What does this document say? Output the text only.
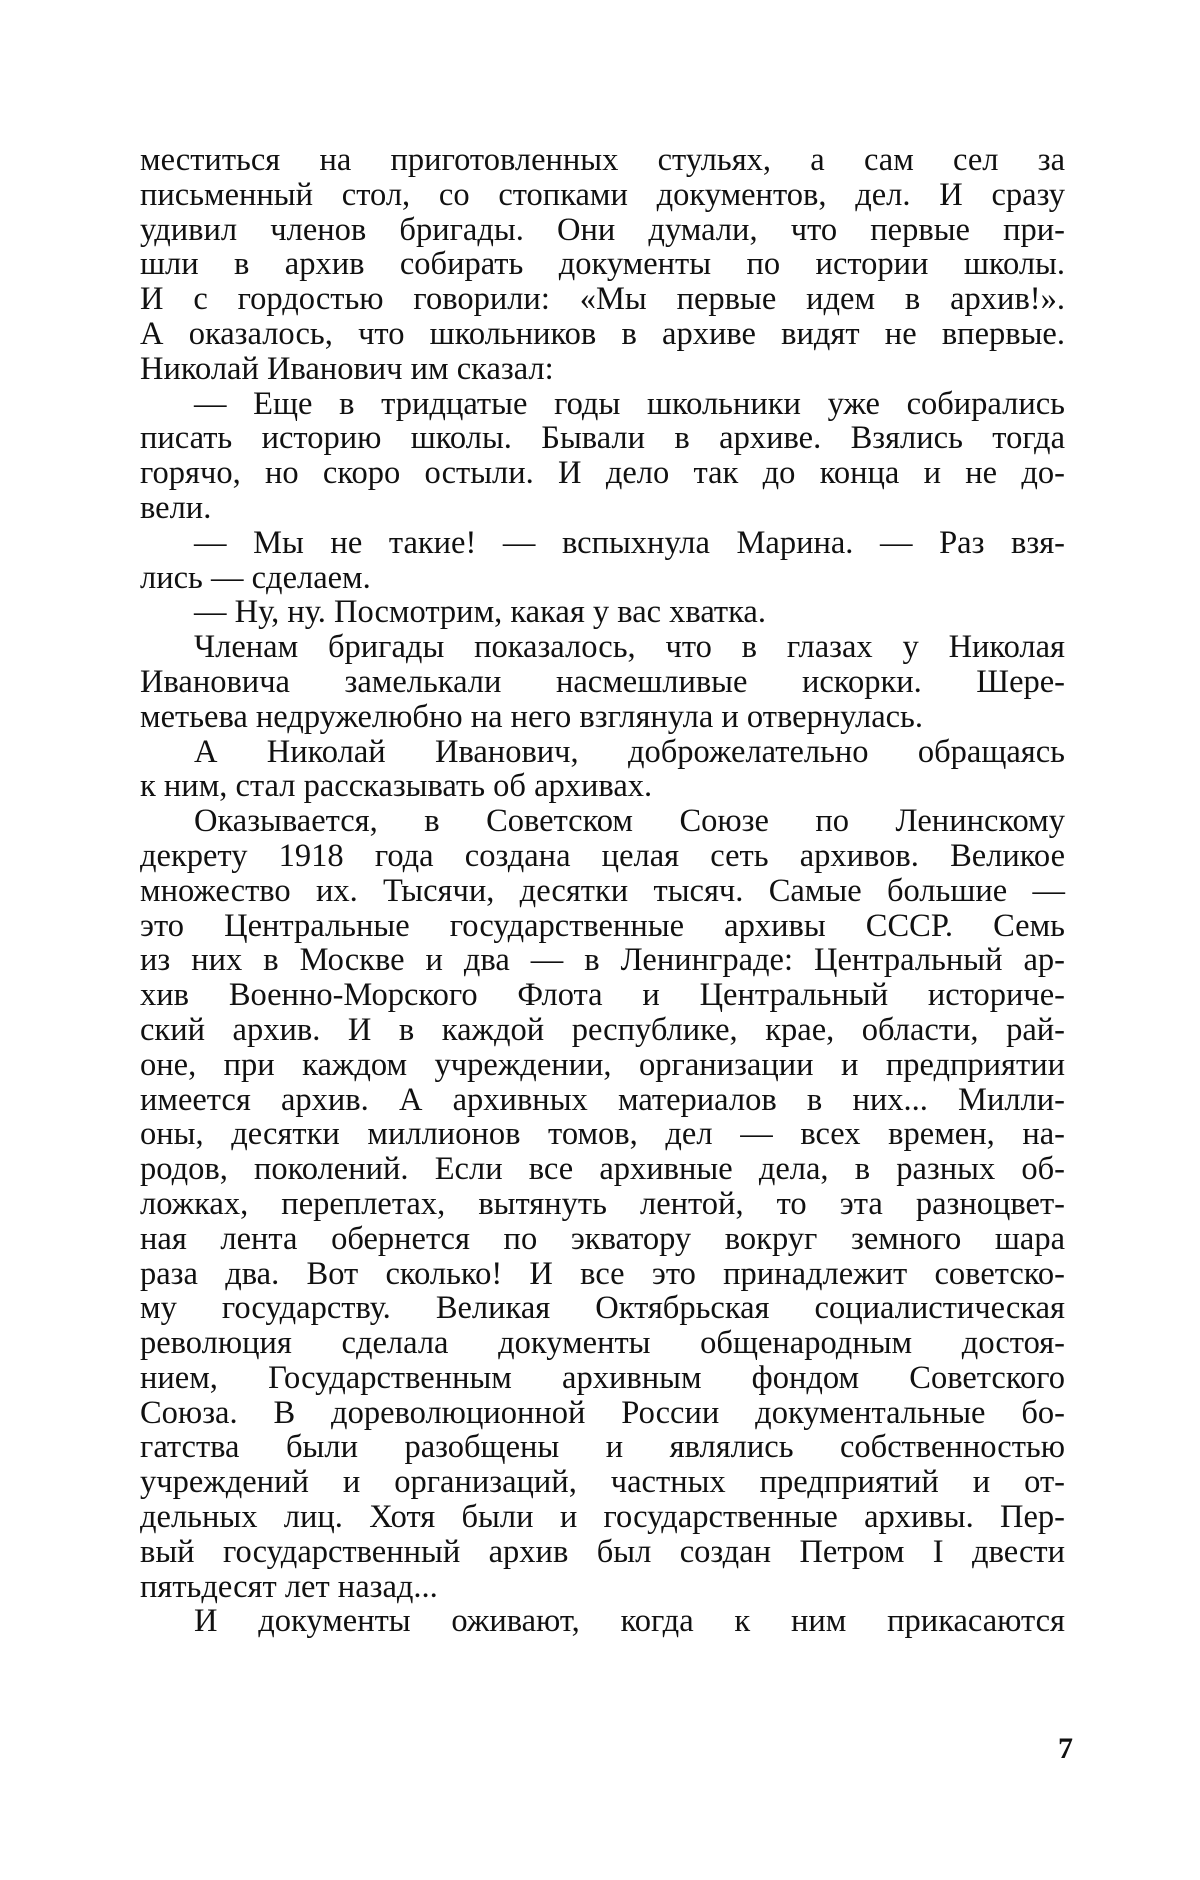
меститься на приготовленных стульях, а сам сел за
письменный стол, со стопками документов, дел. И сразу
удивил членов бригады. Они думали, что первые при-
шли в архив собирать документы по истории школы.
И с гордостью говорили: «Мы первые идем в архив!».
А оказалось, что школьников в архиве видят не впервые.
Николай Иванович им сказал:
— Еще в тридцатые годы школьники уже собирались
писать историю школы. Бывали в архиве. Взялись тогда
горячо, но скоро остыли. И дело так до конца и не до-
вели.
— Мы не такие! — вспыхнула Марина. — Раз взя-
лись — сделаем.
— Ну, ну. Посмотрим, какая у вас хватка.
Членам бригады показалось, что в глазах у Николая
Ивановича замелькали насмешливые искорки. Шере-
метьева недружелюбно на него взглянула и отвернулась.
А Николай Иванович, доброжелательно обращаясь
к ним, стал рассказывать об архивах.
Оказывается, в Советском Союзе по Ленинскому
декрету 1918 года создана целая сеть архивов. Великое
множество их. Тысячи, десятки тысяч. Самые большие —
это Центральные государственные архивы СССР. Семь
из них в Москве и два — в Ленинграде: Центральный ар-
хив Военно-Морского Флота и Центральный историче-
ский архив. И в каждой республике, крае, области, рай-
оне, при каждом учреждении, организации и предприятии
имеется архив. А архивных материалов в них... Милли-
оны, десятки миллионов томов, дел — всех времен, на-
родов, поколений. Если все архивные дела, в разных об-
ложках, переплетах, вытянуть лентой, то эта разноцвет-
ная лента обернется по экватору вокруг земного шара
раза два. Вот сколько! И все это принадлежит советско-
му государству. Великая Октябрьская социалистическая
революция сделала документы общенародным достоя-
нием, Государственным архивным фондом Советского
Союза. В дореволюционной России документальные бо-
гатства были разобщены и являлись собственностью
учреждений и организаций, частных предприятий и от-
дельных лиц. Хотя были и государственные архивы. Пер-
вый государственный архив был создан Петром I двести
пятьдесят лет назад...
И документы оживают, когда к ним прикасаются
7
